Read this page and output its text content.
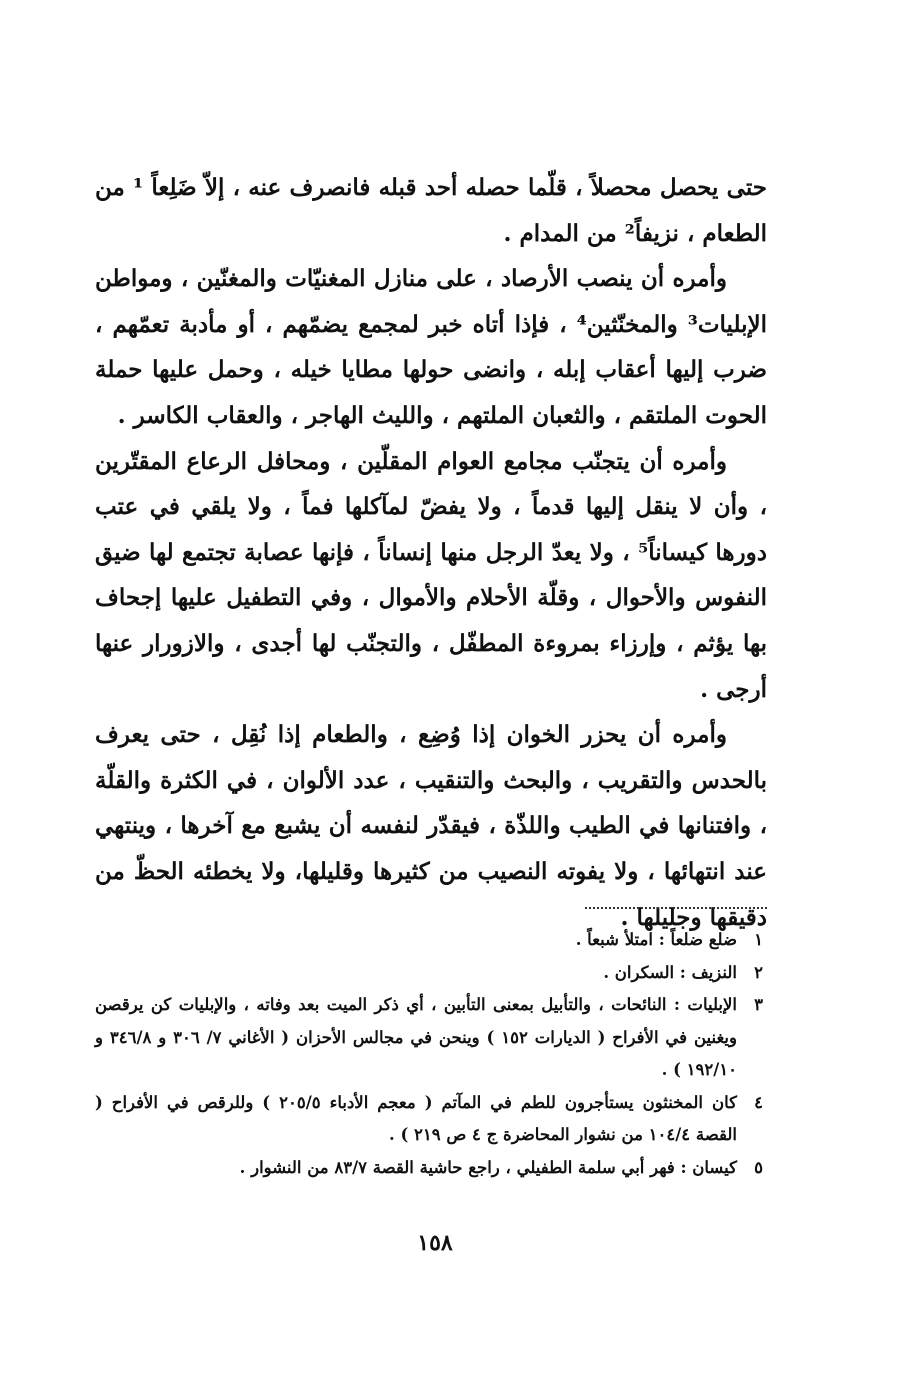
حتى يحصل محصلاً ، قلّما حصله أحد قبله فانصرف عنه ، إلاّ ضَلِعاً ¹ من الطعام ، نزيفاً² من المدام .

وأمره أن ينصب الأرصاد ، على منازل المغنيّات والمغنّين ، ومواطن الإبليات³ والمخنّثين⁴ ، فإذا أتاه خبر لمجمع يضمّهم ، أو مأدبة تعمّهم ، ضرب إليها أعقاب إبله ، وانضى حولها مطايا خيله ، وحمل عليها حملة الحوت الملتقم ، والثعبان الملتهم ، والليث الهاجر ، والعقاب الكاسر .

وأمره أن يتجنّب مجامع العوام المقلّين ، ومحافل الرعاع المقتّرين ، وأن لا ينقل إليها قدماً ، ولا يفضّ لمآكلها فماً ، ولا يلقي في عتب دورها كيساناً⁵ ، ولا يعدّ الرجل منها إنساناً ، فإنها عصابة تجتمع لها ضيق النفوس والأحوال ، وقلّة الأحلام والأموال ، وفي التطفيل عليها إجحاف بها يؤثم ، وإرزاء بمروءة المطفّل ، والتجنّب لها أجدى ، والازورار عنها أرجى .

وأمره أن يحزر الخوان إذا وُضِع ، والطعام إذا نُقِل ، حتى يعرف بالحدس والتقريب ، والبحث والتنقيب ، عدد الألوان ، في الكثرة والقلّة ، وافتنانها في الطيب واللذّة ، فيقدّر لنفسه أن يشبع مع آخرها ، وينتهي عند انتهائها ، ولا يفوته النصيب من كثيرها وقليلها، ولا يخطئه الحظّ من دقيقها وجليلها .

١
ضلع ضلعاً : امتلأ شبعاً .
٢
النزيف : السكران .
٣
الإبليات : النائحات ، والتأبيل بمعنى التأبين ، أي ذكر الميت بعد وفاته ، والإبليات كن يرقصن ويغنين في الأفراح ( الديارات ١٥٢ ) وينحن في مجالس الأحزان ( الأغاني ٧/ ٣٠٦ و ٣٤٦/٨ و ١٩٢/١٠ ) .
٤
كان المخنثون يستأجرون للطم في المآتم ( معجم الأدباء ٢٠٥/٥ ) وللرقص في الأفراح ( القصة ١٠٤/٤ من نشوار المحاضرة ج ٤ ص ٢١٩ ) .
٥
كيسان : فهر أبي سلمة الطفيلي ، راجع حاشية القصة ٨٣/٧ من النشوار .
١٥٨
